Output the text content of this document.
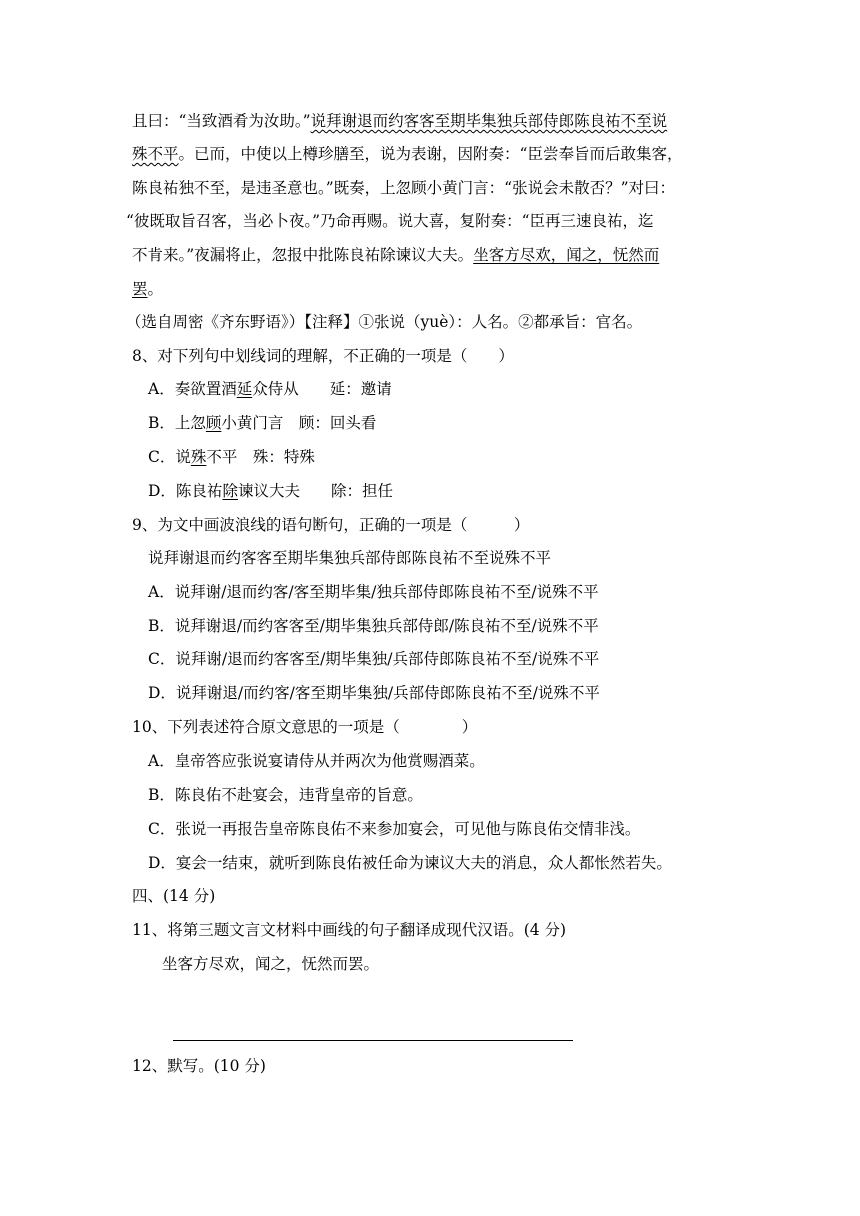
且曰：“当致酒肴为汝助。”说拜谢退而约客客至期毕集独兵部侍郎陈良祐不至说
殊不平。已而，中使以上樽珍膳至，说为表谢，因附奏：“臣尝奉旨而后敢集客，
陈良祐独不至，是违圣意也。”既奏，上忽顾小黄门言：“张说会未散否？”对曰：
“彼既取旨召客，当必卜夜。”乃命再赐。说大喜，复附奏：“臣再三速良祐，迄
不肯来。”夜漏将止，忽报中批陈良祐除谏议大夫。坐客方尽欢，闻之，怃然而
罢。
（选自周密《齐东野语》）【注释】①张说（yuè）：人名。②都承旨：官名。
8、对下列句中划线词的理解，不正确的一项是（　　）
A．奏欲置酒延众侍从　　延：邀请
B．上忽顾小黄门言　顾：回头看
C．说殊不平　殊：特殊
D．陈良祐除谏议大夫　　除：担任
9、为文中画波浪线的语句断句，正确的一项是（　　　）
说拜谢退而约客客至期毕集独兵部侍郎陈良祐不至说殊不平
A．说拜谢/退而约客/客至期毕集/独兵部侍郎陈良祐不至/说殊不平
B．说拜谢退/而约客客至/期毕集独兵部侍郎/陈良祐不至/说殊不平
C．说拜谢/退而约客客至/期毕集独/兵部侍郎陈良祐不至/说殊不平
D．说拜谢退/而约客/客至期毕集独/兵部侍郎陈良祐不至/说殊不平
10、下列表述符合原文意思的一项是（　　　　）
A．皇帝答应张说宴请侍从并两次为他赏赐酒菜。
B．陈良佑不赴宴会，违背皇帝的旨意。
C．张说一再报告皇帝陈良佑不来参加宴会，可见他与陈良佑交情非浅。
D．宴会一结束，就听到陈良佑被任命为谏议大夫的消息，众人都怅然若失。
四、(14 分)
11、将第三题文言文材料中画线的句子翻译成现代汉语。(4 分)
坐客方尽欢，闻之，怃然而罢。
12、默写。(10 分)
